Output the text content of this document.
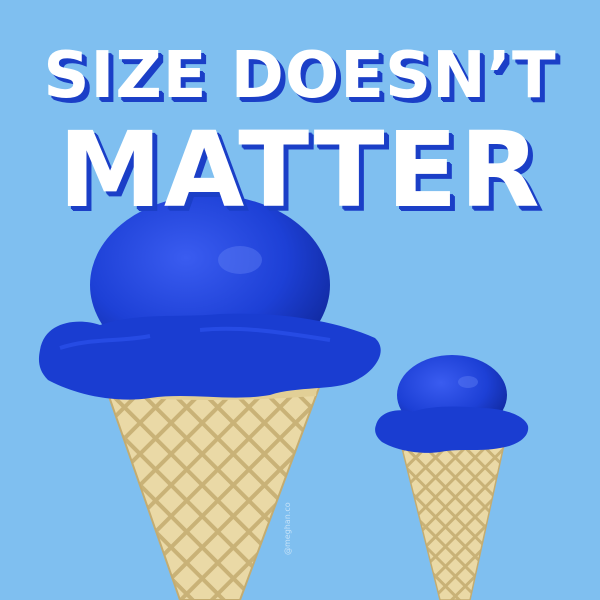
SIZE DOESN’T
MATTER
@meghan.co
